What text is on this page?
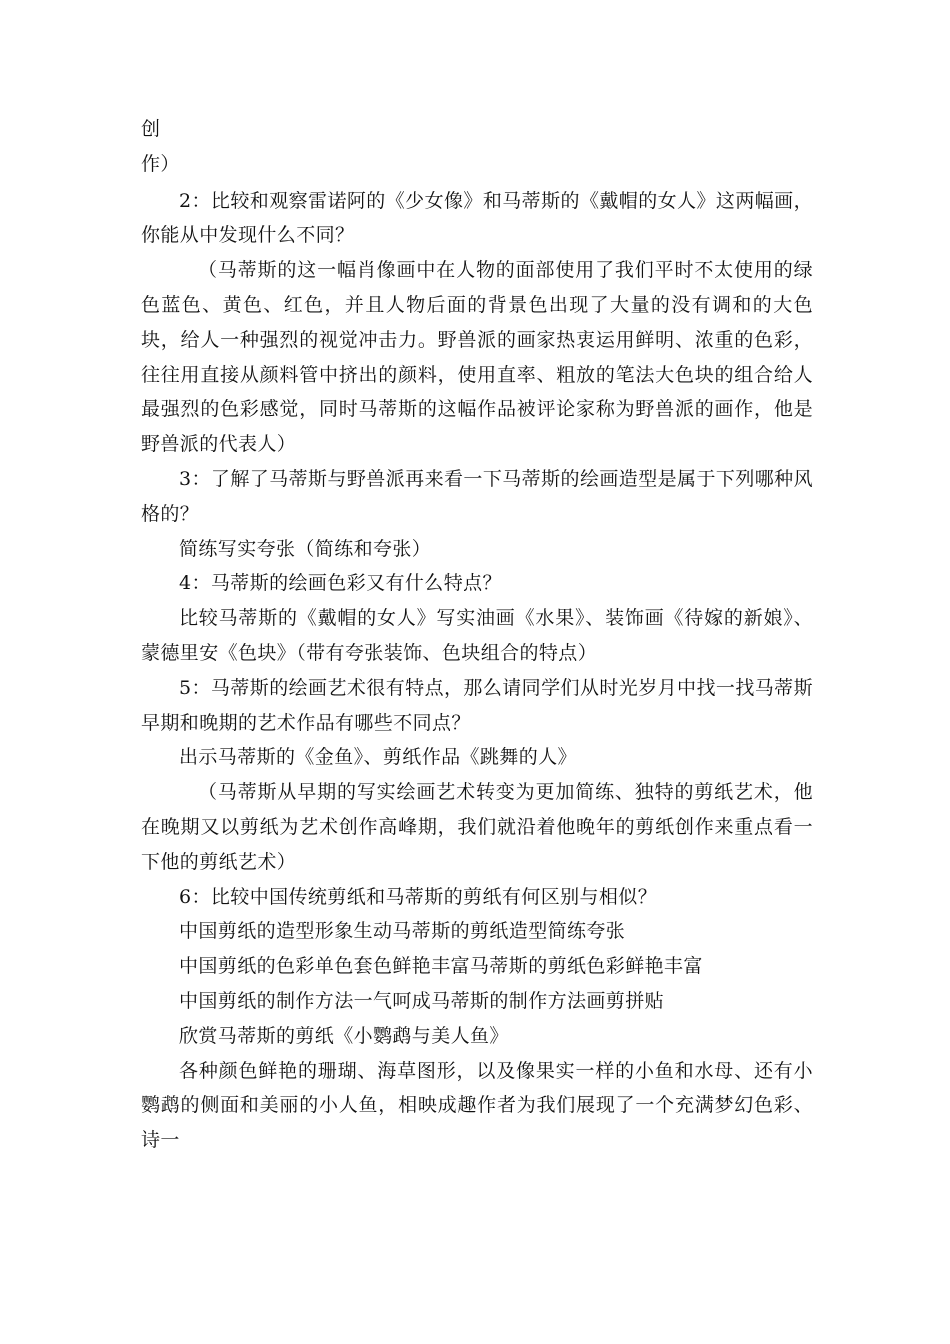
创
作）
2：比较和观察雷诺阿的《少女像》和马蒂斯的《戴帽的女人》这两幅画，你能从中发现什么不同？
（马蒂斯的这一幅肖像画中在人物的面部使用了我们平时不太使用的绿色蓝色、黄色、红色，并且人物后面的背景色出现了大量的没有调和的大色块，给人一种强烈的视觉冲击力。野兽派的画家热衷运用鲜明、浓重的色彩，往往用直接从颜料管中挤出的颜料，使用直率、粗放的笔法大色块的组合给人最强烈的色彩感觉，同时马蒂斯的这幅作品被评论家称为野兽派的画作，他是野兽派的代表人）
3：了解了马蒂斯与野兽派再来看一下马蒂斯的绘画造型是属于下列哪种风格的？
简练写实夸张（简练和夸张）
4：马蒂斯的绘画色彩又有什么特点？
比较马蒂斯的《戴帽的女人》写实油画《水果》、装饰画《待嫁的新娘》、蒙德里安《色块》（带有夸张装饰、色块组合的特点）
5：马蒂斯的绘画艺术很有特点，那么请同学们从时光岁月中找一找马蒂斯早期和晚期的艺术作品有哪些不同点？
出示马蒂斯的《金鱼》、剪纸作品《跳舞的人》
（马蒂斯从早期的写实绘画艺术转变为更加简练、独特的剪纸艺术，他在晚期又以剪纸为艺术创作高峰期，我们就沿着他晚年的剪纸创作来重点看一下他的剪纸艺术）
6：比较中国传统剪纸和马蒂斯的剪纸有何区别与相似？
中国剪纸的造型形象生动马蒂斯的剪纸造型简练夸张
中国剪纸的色彩单色套色鲜艳丰富马蒂斯的剪纸色彩鲜艳丰富
中国剪纸的制作方法一气呵成马蒂斯的制作方法画剪拼贴
欣赏马蒂斯的剪纸《小鹦鹉与美人鱼》
各种颜色鲜艳的珊瑚、海草图形，以及像果实一样的小鱼和水母、还有小鹦鹉的侧面和美丽的小人鱼，相映成趣作者为我们展现了一个充满梦幻色彩、诗一
